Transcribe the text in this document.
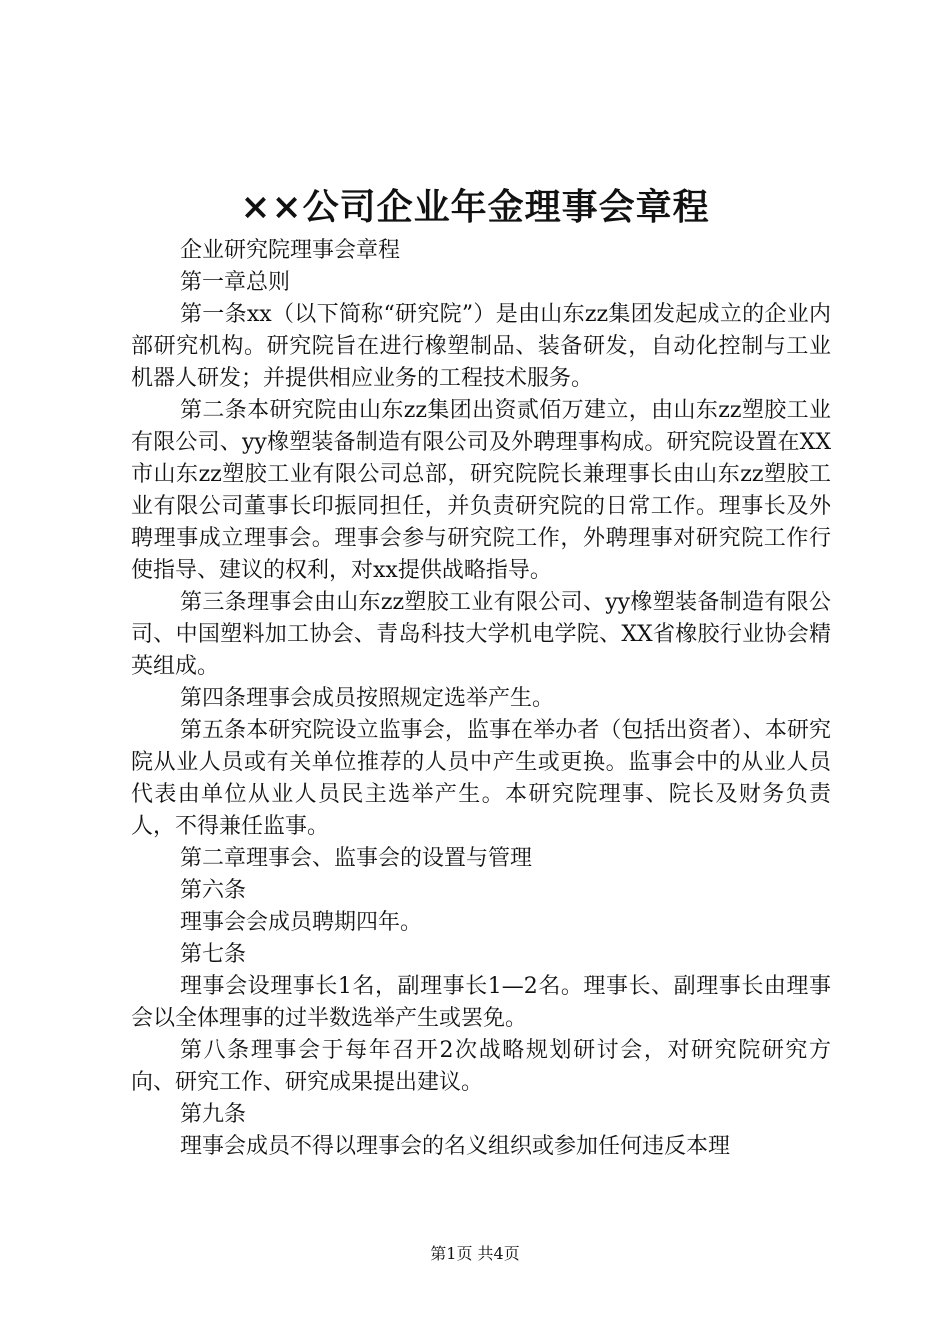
××公司企业年金理事会章程

企业研究院理事会章程

第一章总则

第一条xx（以下简称“研究院”）是由山东zz集团发起成立的企业内部研究机构。研究院旨在进行橡塑制品、装备研发，自动化控制与工业机器人研发；并提供相应业务的工程技术服务。

第二条本研究院由山东zz集团出资贰佰万建立，由山东zz塑胶工业有限公司、yy橡塑装备制造有限公司及外聘理事构成。研究院设置在XX市山东zz塑胶工业有限公司总部，研究院院长兼理事长由山东zz塑胶工业有限公司董事长印振同担任，并负责研究院的日常工作。理事长及外聘理事成立理事会。理事会参与研究院工作，外聘理事对研究院工作行使指导、建议的权利，对xx提供战略指导。

第三条理事会由山东zz塑胶工业有限公司、yy橡塑装备制造有限公司、中国塑料加工协会、青岛科技大学机电学院、XX省橡胶行业协会精英组成。

第四条理事会成员按照规定选举产生。

第五条本研究院设立监事会，监事在举办者（包括出资者）、本研究院从业人员或有关单位推荐的人员中产生或更换。监事会中的从业人员代表由单位从业人员民主选举产生。本研究院理事、院长及财务负责人，不得兼任监事。

第二章理事会、监事会的设置与管理

第六条

理事会会成员聘期四年。

第七条

理事会设理事长1名，副理事长1—2名。理事长、副理事长由理事会以全体理事的过半数选举产生或罢免。

第八条理事会于每年召开2次战略规划研讨会，对研究院研究方向、研究工作、研究成果提出建议。

第九条

理事会成员不得以理事会的名义组织或参加任何违反本理

第1页 共4页
